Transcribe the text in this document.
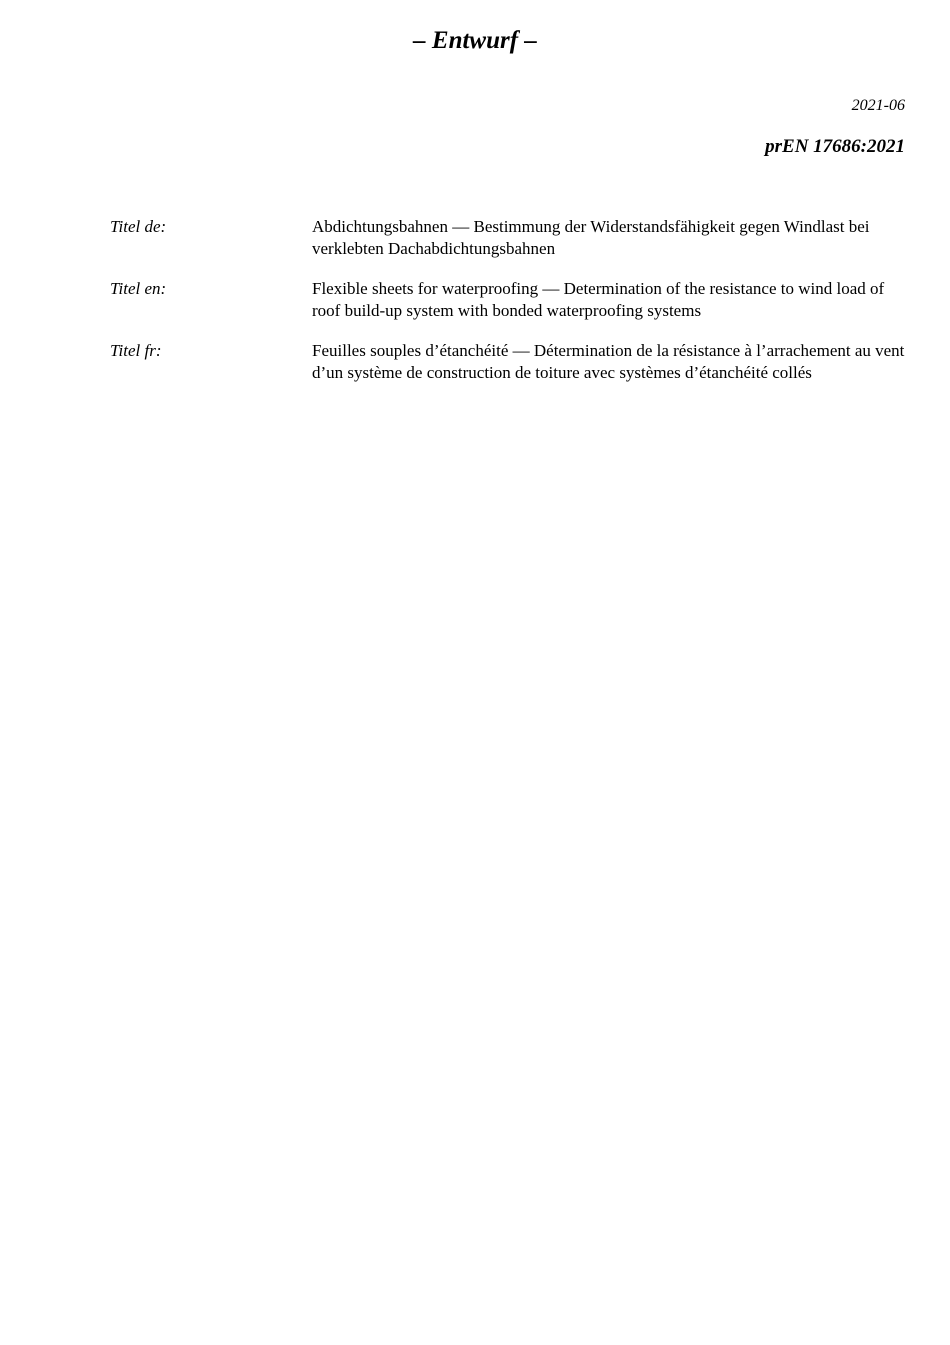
– Entwurf –
2021-06
prEN 17686:2021
Titel de:	Abdichtungsbahnen — Bestimmung der Widerstandsfähigkeit gegen Windlast bei verklebten Dachabdichtungsbahnen
Titel en:	Flexible sheets for waterproofing — Determination of the resistance to wind load of roof build-up system with bonded waterproofing systems
Titel fr:	Feuilles souples d’étanchéité — Détermination de la résistance à l’arrachement au vent d’un système de construction de toiture avec systèmes d’étanchéité collés
